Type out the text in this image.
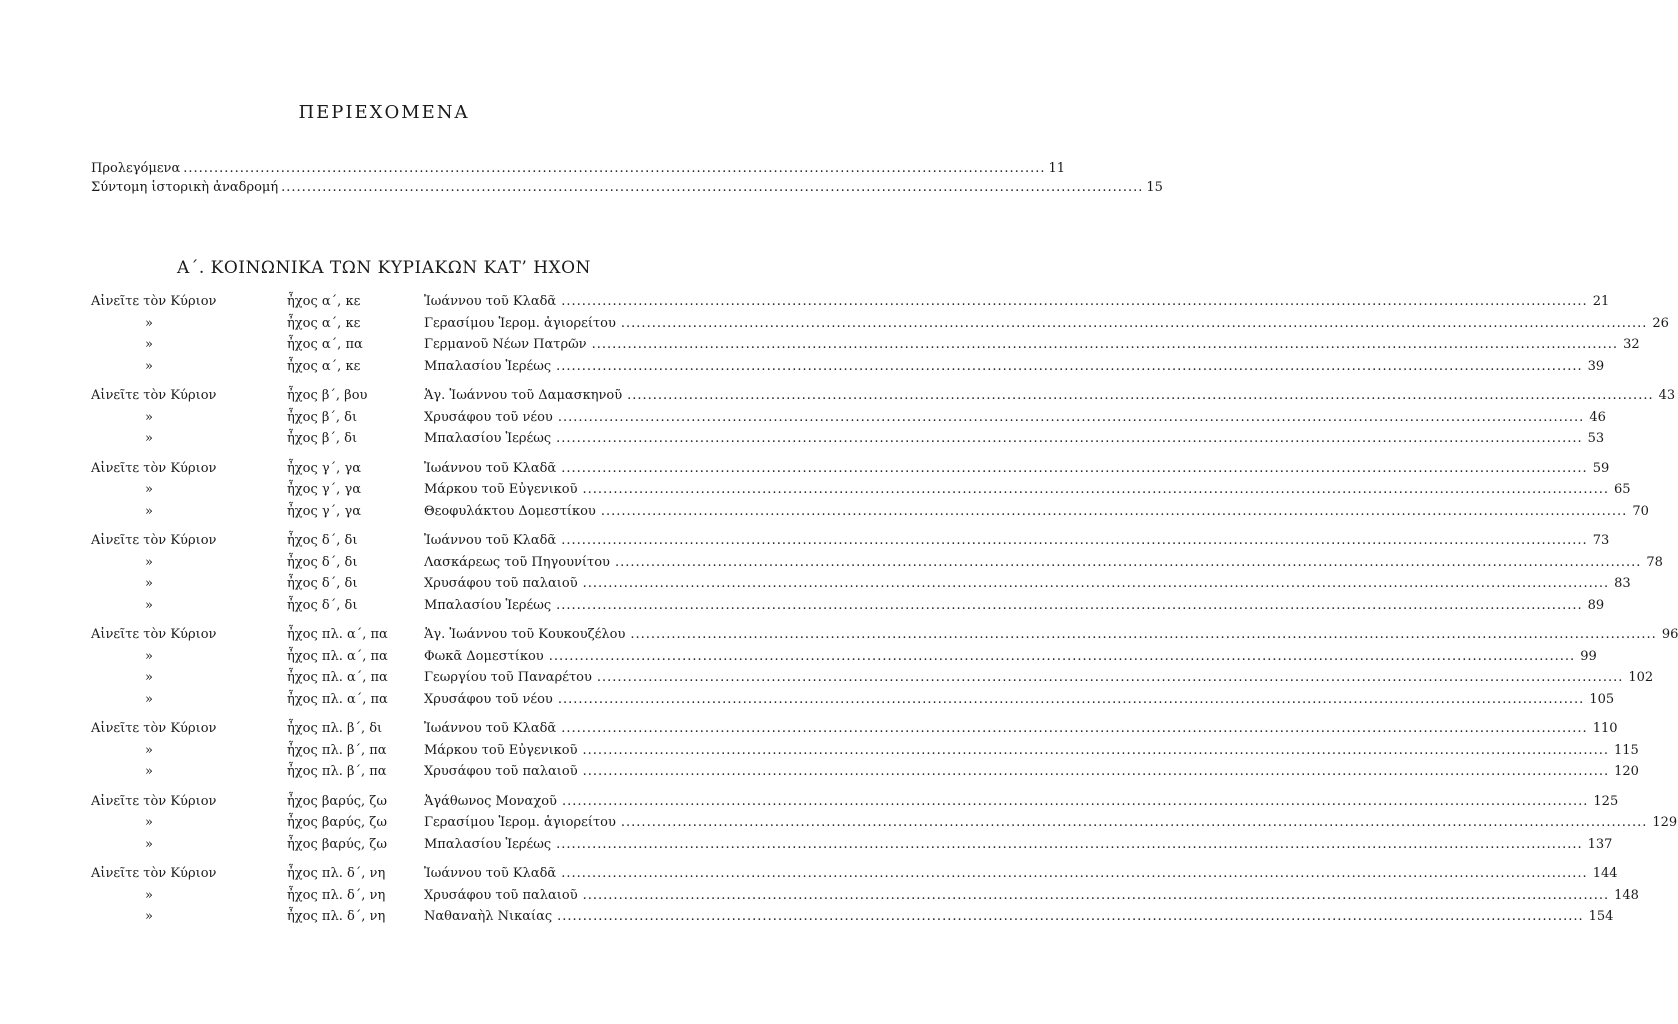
ΠΕΡΙΕΧΟΜΕΝΑ
Προλεγόμενα ........................................................................................................................................................................ 11
Σύντομη ἱστορικὴ ἀναδρομή ........................................................................................................................................................................ 15
Α΄. ΚΟΙΝΩΝΙΚΑ ΤΩΝ ΚΥΡΙΑΚΩΝ ΚΑΤ’ ΗΧΟΝ
Αἰνεῖτε τὸν Κύριον	ἦχος α΄, κε	Ἰωάννου τοῦ Κλαδᾶ ........................................................................................................................................................................................................ 21
»	ἦχος α΄, κε	Γερασίμου Ἱερομ. ἁγιορείτου ........................................................................................................................................................................................................ 26
»	ἦχος α΄, πα	Γερμανοῦ Νέων Πατρῶν ........................................................................................................................................................................................................ 32
»	ἦχος α΄, κε	Μπαλασίου Ἱερέως ........................................................................................................................................................................................................ 39
Αἰνεῖτε τὸν Κύριον	ἦχος β΄, βου	Ἁγ. Ἰωάννου τοῦ Δαμασκηνοῦ ........................................................................................................................................................................................................ 43
»	ἦχος β΄, δι	Χρυσάφου τοῦ νέου ........................................................................................................................................................................................................ 46
»	ἦχος β΄, δι	Μπαλασίου Ἱερέως ........................................................................................................................................................................................................ 53
Αἰνεῖτε τὸν Κύριον	ἦχος γ΄, γα	Ἰωάννου τοῦ Κλαδᾶ ........................................................................................................................................................................................................ 59
»	ἦχος γ΄, γα	Μάρκου τοῦ Εὐγενικοῦ ........................................................................................................................................................................................................ 65
»	ἦχος γ΄, γα	Θεοφυλάκτου Δομεστίκου ........................................................................................................................................................................................................ 70
Αἰνεῖτε τὸν Κύριον	ἦχος δ΄, δι	Ἰωάννου τοῦ Κλαδᾶ ........................................................................................................................................................................................................ 73
»	ἦχος δ΄, δι	Λασκάρεως τοῦ Πηγουνίτου ........................................................................................................................................................................................................ 78
»	ἦχος δ΄, δι	Χρυσάφου τοῦ παλαιοῦ ........................................................................................................................................................................................................ 83
»	ἦχος δ΄, δι	Μπαλασίου Ἱερέως ........................................................................................................................................................................................................ 89
Αἰνεῖτε τὸν Κύριον	ἦχος πλ. α΄, πα	Ἁγ. Ἰωάννου τοῦ Κουκουζέλου ........................................................................................................................................................................................................ 96
»	ἦχος πλ. α΄, πα	Φωκᾶ Δομεστίκου ........................................................................................................................................................................................................ 99
»	ἦχος πλ. α΄, πα	Γεωργίου τοῦ Παναρέτου ........................................................................................................................................................................................................ 102
»	ἦχος πλ. α΄, πα	Χρυσάφου τοῦ νέου ........................................................................................................................................................................................................ 105
Αἰνεῖτε τὸν Κύριον	ἦχος πλ. β΄, δι	Ἰωάννου τοῦ Κλαδᾶ ........................................................................................................................................................................................................ 110
»	ἦχος πλ. β΄, πα	Μάρκου τοῦ Εὐγενικοῦ ........................................................................................................................................................................................................ 115
»	ἦχος πλ. β΄, πα	Χρυσάφου τοῦ παλαιοῦ ........................................................................................................................................................................................................ 120
Αἰνεῖτε τὸν Κύριον	ἦχος βαρύς, ζω	Ἀγάθωνος Μοναχοῦ ........................................................................................................................................................................................................ 125
»	ἦχος βαρύς, ζω	Γερασίμου Ἱερομ. ἁγιορείτου ........................................................................................................................................................................................................ 129
»	ἦχος βαρύς, ζω	Μπαλασίου Ἱερέως ........................................................................................................................................................................................................ 137
Αἰνεῖτε τὸν Κύριον	ἦχος πλ. δ΄, νη	Ἰωάννου τοῦ Κλαδᾶ ........................................................................................................................................................................................................ 144
»	ἦχος πλ. δ΄, νη	Χρυσάφου τοῦ παλαιοῦ ........................................................................................................................................................................................................ 148
»	ἦχος πλ. δ΄, νη	Ναθαναὴλ Νικαίας ........................................................................................................................................................................................................ 154
